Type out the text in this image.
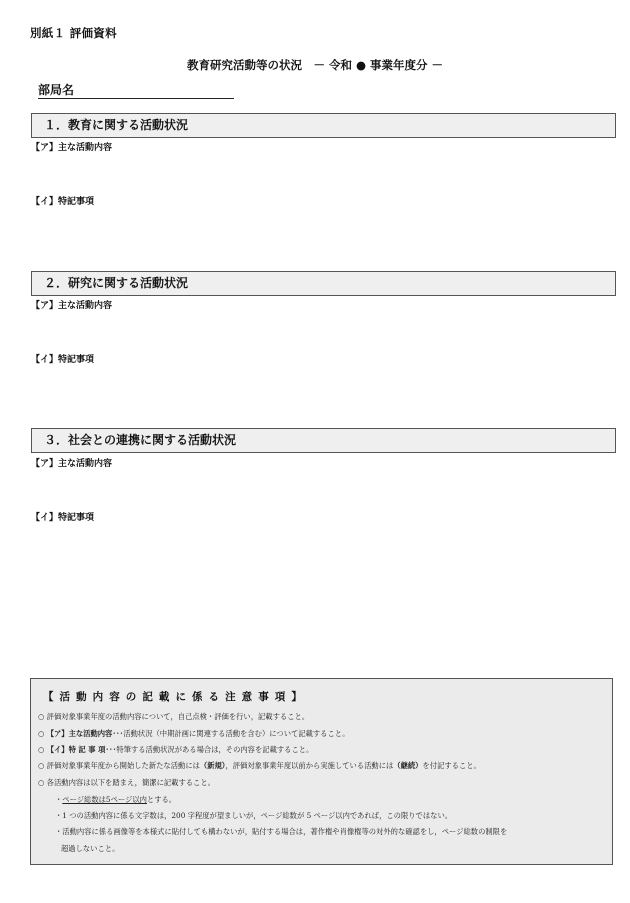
別紙１ 評価資料
教育研究活動等の状況　－ 令和 ● 事業年度分 －
部局名
１．教育に関する活動状況
【ア】主な活動内容
【イ】特記事項
２．研究に関する活動状況
【ア】主な活動内容
【イ】特記事項
３．社会との連携に関する活動状況
【ア】主な活動内容
【イ】特記事項
【 活 動 内 容 の 記 載 に 係 る 注 意 事 項 】
○ 評価対象事業年度の活動内容について，自己点検・評価を行い，記載すること。
○ 【ア】主な活動内容･･･活動状況（中期計画に関連する活動を含む）について記載すること。
○ 【イ】特 記 事 項･･･特筆する活動状況がある場合は，その内容を記載すること。
○ 評価対象事業年度から開始した新たな活動には（新規），評価対象事業年度以前から実施している活動には（継続）を付記すること。
○ 各活動内容は以下を踏まえ，簡潔に記載すること。
・ページ総数は5ページ以内とする。
・1 つの活動内容に係る文字数は，200 字程度が望ましいが，ページ総数が 5 ページ以内であれば，この限りではない。
・活動内容に係る画像等を本様式に貼付しても構わないが，貼付する場合は，著作権や肖像権等の対外的な確認をし，ページ総数の制限を
超過しないこと。
